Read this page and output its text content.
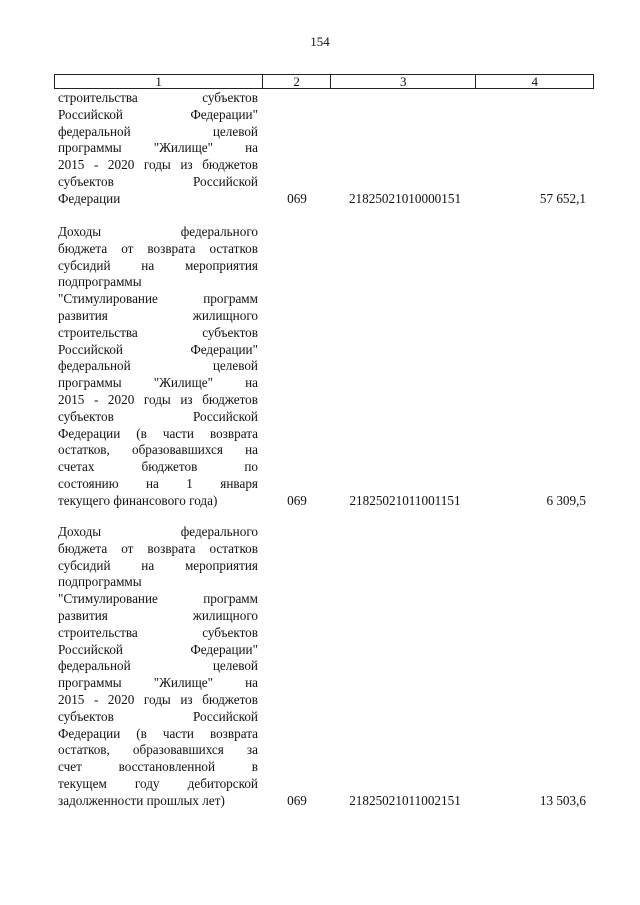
154
1	2	3	4
строительства субъектов
Российской Федерации"
федеральной целевой
программы "Жилище" на
2015 - 2020 годы из бюджетов
субъектов Российской
Федерации	069	21825021010000151	57 652,1
Доходы федерального
бюджета от возврата остатков
субсидий на мероприятия
подпрограммы
"Стимулирование программ
развития жилищного
строительства субъектов
Российской Федерации"
федеральной целевой
программы "Жилище" на
2015 - 2020 годы из бюджетов
субъектов Российской
Федерации (в части возврата
остатков, образовавшихся на
счетах бюджетов по
состоянию на 1 января
текущего финансового года)	069	21825021011001151	6 309,5
Доходы федерального
бюджета от возврата остатков
субсидий на мероприятия
подпрограммы
"Стимулирование программ
развития жилищного
строительства субъектов
Российской Федерации"
федеральной целевой
программы "Жилище" на
2015 - 2020 годы из бюджетов
субъектов Российской
Федерации (в части возврата
остатков, образовавшихся за
счет восстановленной в
текущем году дебиторской
задолженности прошлых лет)	069	21825021011002151	13 503,6
